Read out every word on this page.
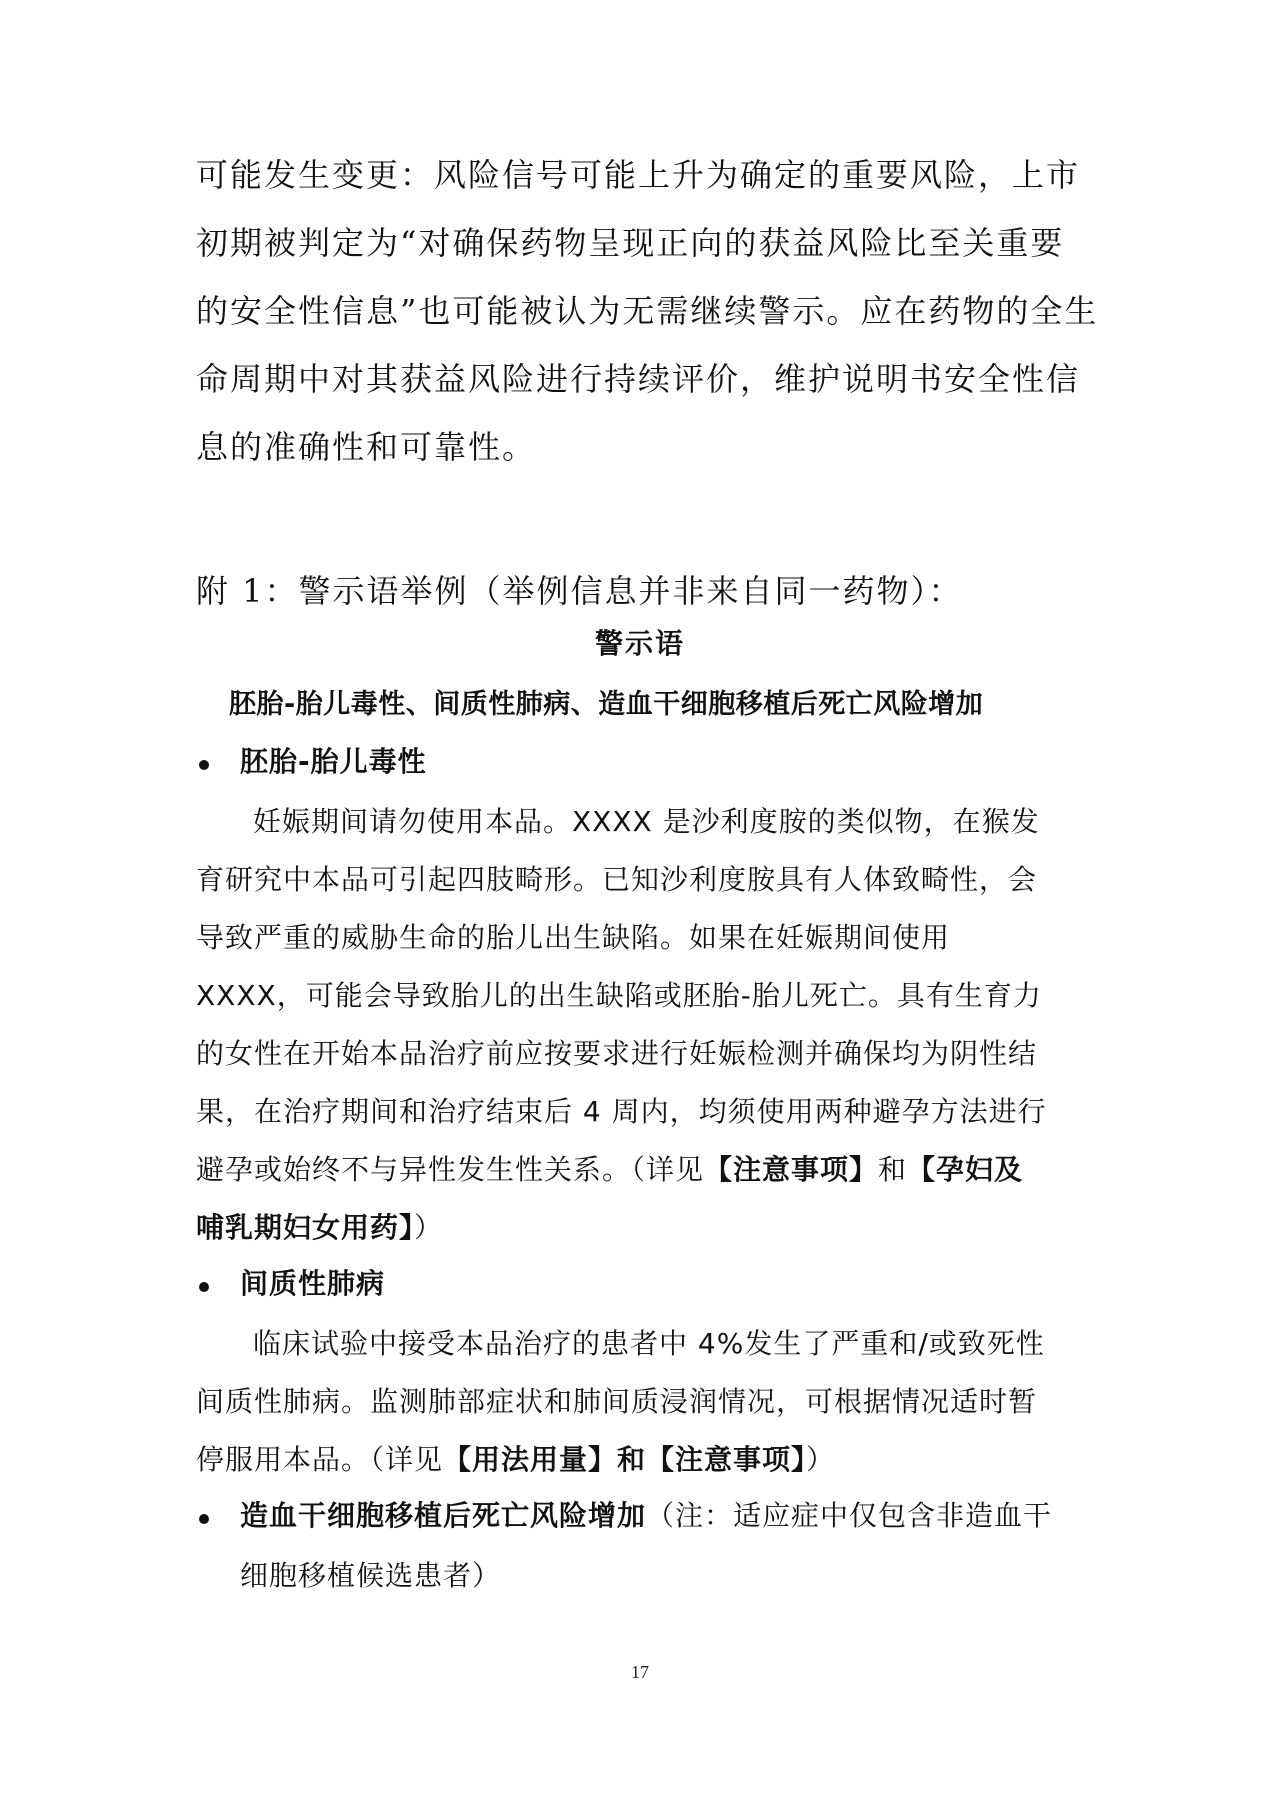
可能发生变更：风险信号可能上升为确定的重要风险，上市
初期被判定为“对确保药物呈现正向的获益风险比至关重要
的安全性信息”也可能被认为无需继续警示。应在药物的全生
命周期中对其获益风险进行持续评价，维护说明书安全性信
息的准确性和可靠性。
附 1：警示语举例（举例信息并非来自同一药物）：
警示语
胚胎-胎儿毒性、间质性肺病、造血干细胞移植后死亡风险增加
胚胎-胎儿毒性
妊娠期间请勿使用本品。XXXX 是沙利度胺的类似物，在猴发
育研究中本品可引起四肢畸形。已知沙利度胺具有人体致畸性，会
导致严重的威胁生命的胎儿出生缺陷。如果在妊娠期间使用
XXXX，可能会导致胎儿的出生缺陷或胚胎-胎儿死亡。具有生育力
的女性在开始本品治疗前应按要求进行妊娠检测并确保均为阴性结
果，在治疗期间和治疗结束后 4 周内，均须使用两种避孕方法进行
避孕或始终不与异性发生性关系。（详见【注意事项】和【孕妇及
哺乳期妇女用药】）
间质性肺病
临床试验中接受本品治疗的患者中 4%发生了严重和/或致死性
间质性肺病。监测肺部症状和肺间质浸润情况，可根据情况适时暂
停服用本品。（详见【用法用量】和【注意事项】）
造血干细胞移植后死亡风险增加（注：适应症中仅包含非造血干
细胞移植候选患者）
17
